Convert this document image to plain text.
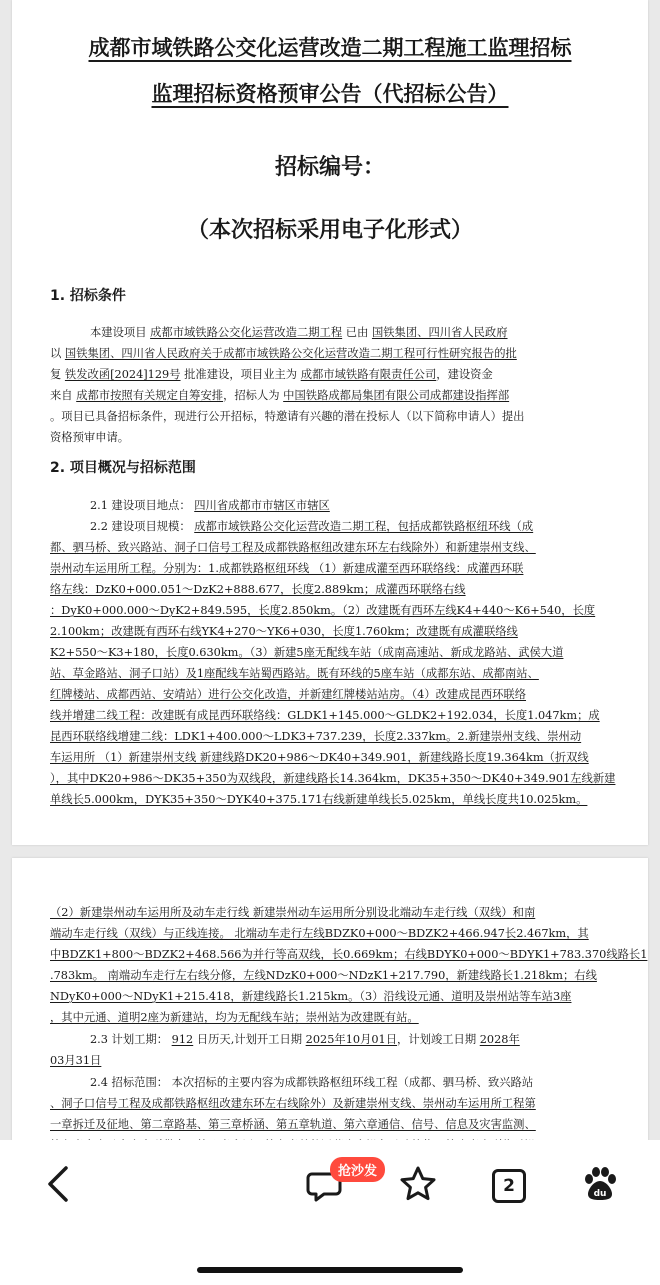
成都市域铁路公交化运营改造二期工程施工监理招标
监理招标资格预审公告（代招标公告）
招标编号：
（本次招标采用电子化形式）
1. 招标条件
本建设项目 成都市域铁路公交化运营改造二期工程 已由 国铁集团、四川省人民政府
以 国铁集团、四川省人民政府关于成都市域铁路公交化运营改造二期工程可行性研究报告的批
复 铁发改函[2024]129号 批准建设，项目业主为 成都市域铁路有限责任公司，建设资金
来自 成都市按照有关规定自筹安排，招标人为 中国铁路成都局集团有限公司成都建设指挥部
。项目已具备招标条件，现进行公开招标，特邀请有兴趣的潜在投标人（以下简称申请人）提出
资格预审申请。
2. 项目概况与招标范围
2.1 建设项目地点： 四川省成都市市辖区市辖区
2.2 建设项目规模： 成都市域铁路公交化运营改造二期工程，包括成都铁路枢纽环线（成
都、驷马桥、致兴路站、洞子口信号工程及成都铁路枢纽改建东环左右线除外）和新建崇州支线、
崇州动车运用所工程。分别为：1.成都铁路枢纽环线 （1）新建成灌至西环联络线：成灌西环联
络左线：DzK0+000.051～DzK2+888.677，长度2.889km；成灌西环联络右线
：DyK0+000.000～DyK2+849.595，长度2.850km。（2）改建既有西环左线K4+440～K6+540，长度
2.100km；改建既有西环右线YK4+270～YK6+030，长度1.760km；改建既有成灌联络线
K2+550～K3+180，长度0.630km。（3）新建5座无配线车站（成南高速站、新成龙路站、武侯大道
站、草金路站、洞子口站）及1座配线车站蜀西路站。既有环线的5座车站（成都东站、成都南站、
红牌楼站、成都西站、安靖站）进行公交化改造，并新建红牌楼站站房。（4）改建成昆西环联络
线并增建二线工程：改建既有成昆西环联络线：GLDK1+145.000～GLDK2+192.034，长度1.047km；成
昆西环联络线增建二线：LDK1+400.000～LDK3+737.239，长度2.337km。2.新建崇州支线、崇州动
车运用所 （1）新建崇州支线 新建线路DK20+986～DK40+349.901，新建线路长度19.364km（折双线
），其中DK20+986～DK35+350为双线段，新建线路长14.364km，DK35+350～DK40+349.901左线新建
单线长5.000km，DYK35+350～DYK40+375.171右线新建单线长5.025km，单线长度共10.025km。
（2）新建崇州动车运用所及动车走行线 新建崇州动车运用所分别设北端动车走行线（双线）和南
端动车走行线（双线）与正线连接。 北端动车走行左线BDZK0+000～BDZK2+466.947长2.467km，其
中BDZK1+800～BDZK2+468.566为并行等高双线，长0.669km；右线BDYK0+000～BDYK1+783.370线路长1
.783km。 南端动车走行左右线分修，左线NDzK0+000～NDzK1+217.790，新建线路长1.218km；右线
NDyK0+000～NDyK1+215.418，新建线路长1.215km。（3）沿线设元通、道明及崇州站等车站3座
，其中元通、道明2座为新建站，均为无配线车站；崇州站为改建既有站。
2.3 计划工期： 912 日历天,计划开工日期 2025年10月01日，计划竣工日期 2028年
03月31日
2.4 招标范围： 本次招标的主要内容为成都铁路枢纽环线工程（成都、驷马桥、致兴路站
、洞子口信号工程及成都铁路枢纽改建东环左右线除外）及新建崇州支线、崇州动车运用所工程第
一章拆迁及征地、第二章路基、第三章桥涵、第五章轨道、第六章通信、信号、信息及灾害监测、
抢沙发
2	du
